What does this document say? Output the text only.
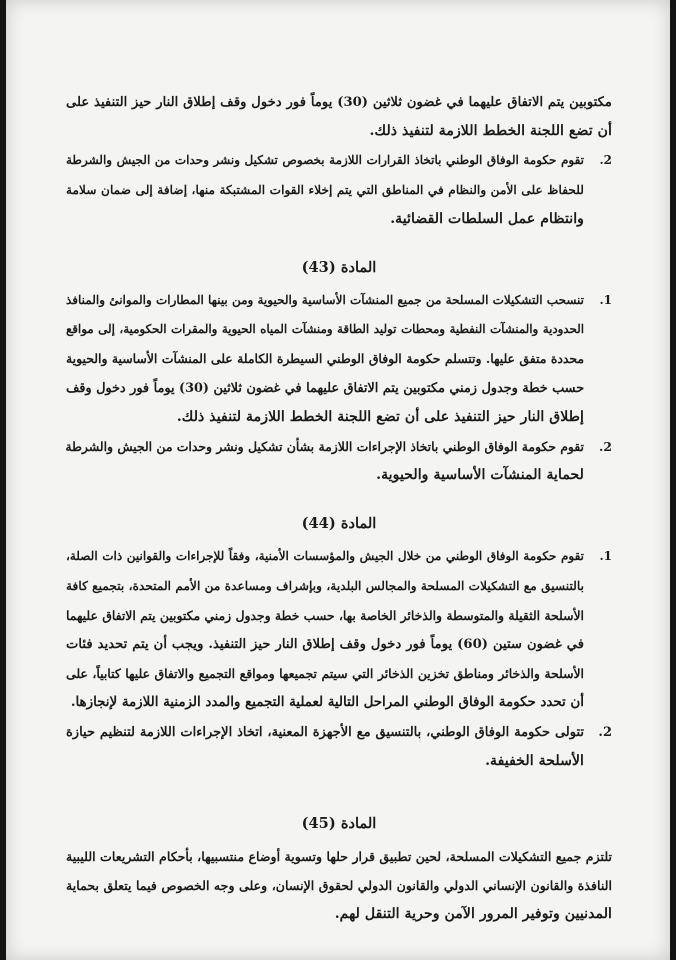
مكتوبين يتم الاتفاق عليهما في غضون ثلاثين (30) يوماً فور دخول وقف إطلاق النار حيز التنفيذ على
أن تضع اللجنة الخطط اللازمة لتنفيذ ذلك.
2.تقوم حكومة الوفاق الوطني باتخاذ القرارات اللازمة بخصوص تشكيل ونشر وحدات من الجيش والشرطة
للحفاظ على الأمن والنظام في المناطق التي يتم إخلاء القوات المشتبكة منها، إضافة إلى ضمان سلامة
وانتظام عمل السلطات القضائية.
المادة (43)
1.تنسحب التشكيلات المسلحة من جميع المنشآت الأساسية والحيوية ومن بينها المطارات والموانئ والمنافذ
الحدودية والمنشآت النفطية ومحطات توليد الطاقة ومنشآت المياه الحيوية والمقرات الحكومية، إلى مواقع
محددة متفق عليها. وتتسلم حكومة الوفاق الوطني السيطرة الكاملة على المنشآت الأساسية والحيوية
حسب خطة وجدول زمني مكتوبين يتم الاتفاق عليهما في غضون ثلاثين (30) يوماً فور دخول وقف
إطلاق النار حيز التنفيذ على أن تضع اللجنة الخطط اللازمة لتنفيذ ذلك.
2.تقوم حكومة الوفاق الوطني باتخاذ الإجراءات اللازمة بشأن تشكيل ونشر وحدات من الجيش والشرطة
لحماية المنشآت الأساسية والحيوية.
المادة (44)
1.تقوم حكومة الوفاق الوطني من خلال الجيش والمؤسسات الأمنية، وفقاً للإجراءات والقوانين ذات الصلة،
بالتنسيق مع التشكيلات المسلحة والمجالس البلدية، وبإشراف ومساعدة من الأمم المتحدة، بتجميع كافة
الأسلحة الثقيلة والمتوسطة والذخائر الخاصة بها، حسب خطة وجدول زمني مكتوبين يتم الاتفاق عليهما
في غضون ستين (60) يوماً فور دخول وقف إطلاق النار حيز التنفيذ. ويجب أن يتم تحديد فئات
الأسلحة والذخائر ومناطق تخزين الذخائر التي سيتم تجميعها ومواقع التجميع والاتفاق عليها كتابياً، على
أن تحدد حكومة الوفاق الوطني المراحل التالية لعملية التجميع والمدد الزمنية اللازمة لإنجازها.
2.تتولى حكومة الوفاق الوطني، بالتنسيق مع الأجهزة المعنية، اتخاذ الإجراءات اللازمة لتنظيم حيازة
الأسلحة الخفيفة.
المادة (45)
تلتزم جميع التشكيلات المسلحة، لحين تطبيق قرار حلها وتسوية أوضاع منتسبيها، بأحكام التشريعات الليبية
النافذة والقانون الإنساني الدولي والقانون الدولي لحقوق الإنسان، وعلى وجه الخصوص فيما يتعلق بحماية
المدنيين وتوفير المرور الآمن وحرية التنقل لهم.
